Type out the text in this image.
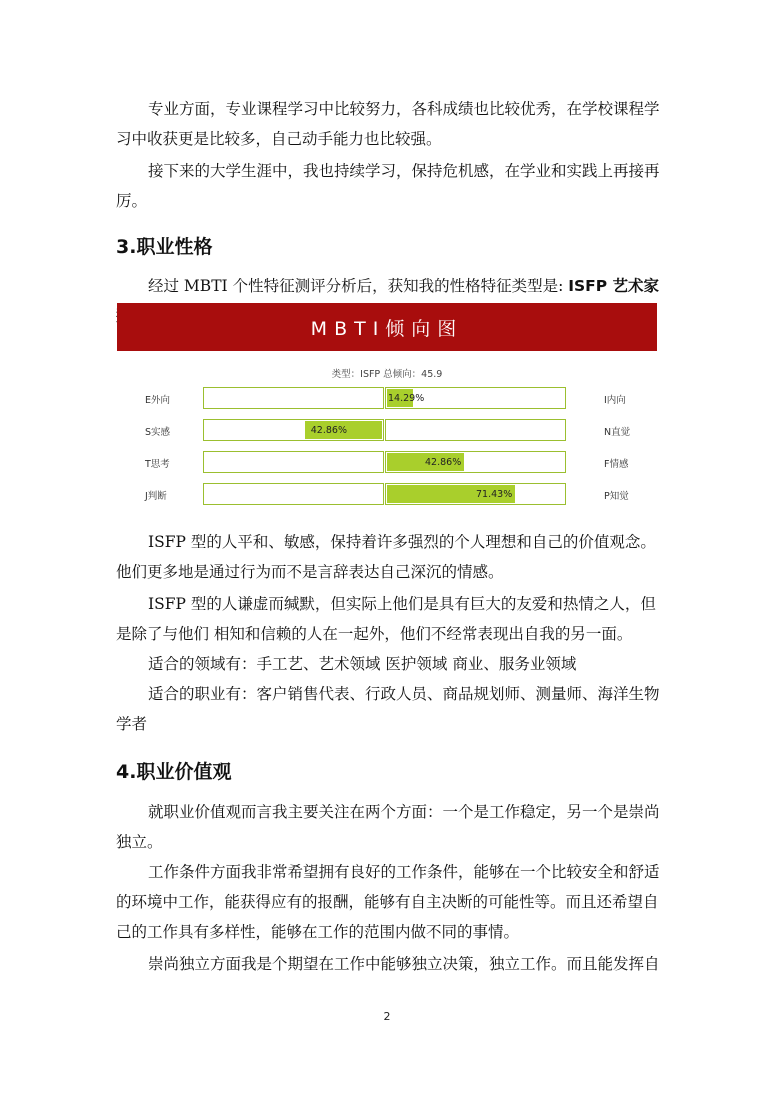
专业方面，专业课程学习中比较努力，各科成绩也比较优秀，在学校课程学习中收获更是比较多，自己动手能力也比较强。

接下来的大学生涯中，我也持续学习，保持危机感，在学业和实践上再接再厉。

3.职业性格

经过 MBTI 个性特征测评分析后，获知我的性格特征类型是: ISFP 艺术家

MBTI倾向图
类型：ISFP 总倾向：45.9
E外向	14.29%	I内向
S实感	42.86%	N直觉
T思考	42.86%	F情感
J判断	71.43%	P知觉

ISFP 型的人平和、敏感，保持着许多强烈的个人理想和自己的价值观念。他们更多地是通过行为而不是言辞表达自己深沉的情感。

ISFP 型的人谦虚而缄默，但实际上他们是具有巨大的友爱和热情之人，但是除了与他们 相知和信赖的人在一起外，他们不经常表现出自我的另一面。

适合的领域有：手工艺、艺术领域 医护领域 商业、服务业领域

适合的职业有：客户销售代表、行政人员、商品规划师、测量师、海洋生物学者

4.职业价值观

就职业价值观而言我主要关注在两个方面：一个是工作稳定，另一个是崇尚独立。

工作条件方面我非常希望拥有良好的工作条件，能够在一个比较安全和舒适的环境中工作，能获得应有的报酬，能够有自主决断的可能性等。而且还希望自己的工作具有多样性，能够在工作的范围内做不同的事情。

崇尚独立方面我是个期望在工作中能够独立决策，独立工作。而且能发挥自

2
